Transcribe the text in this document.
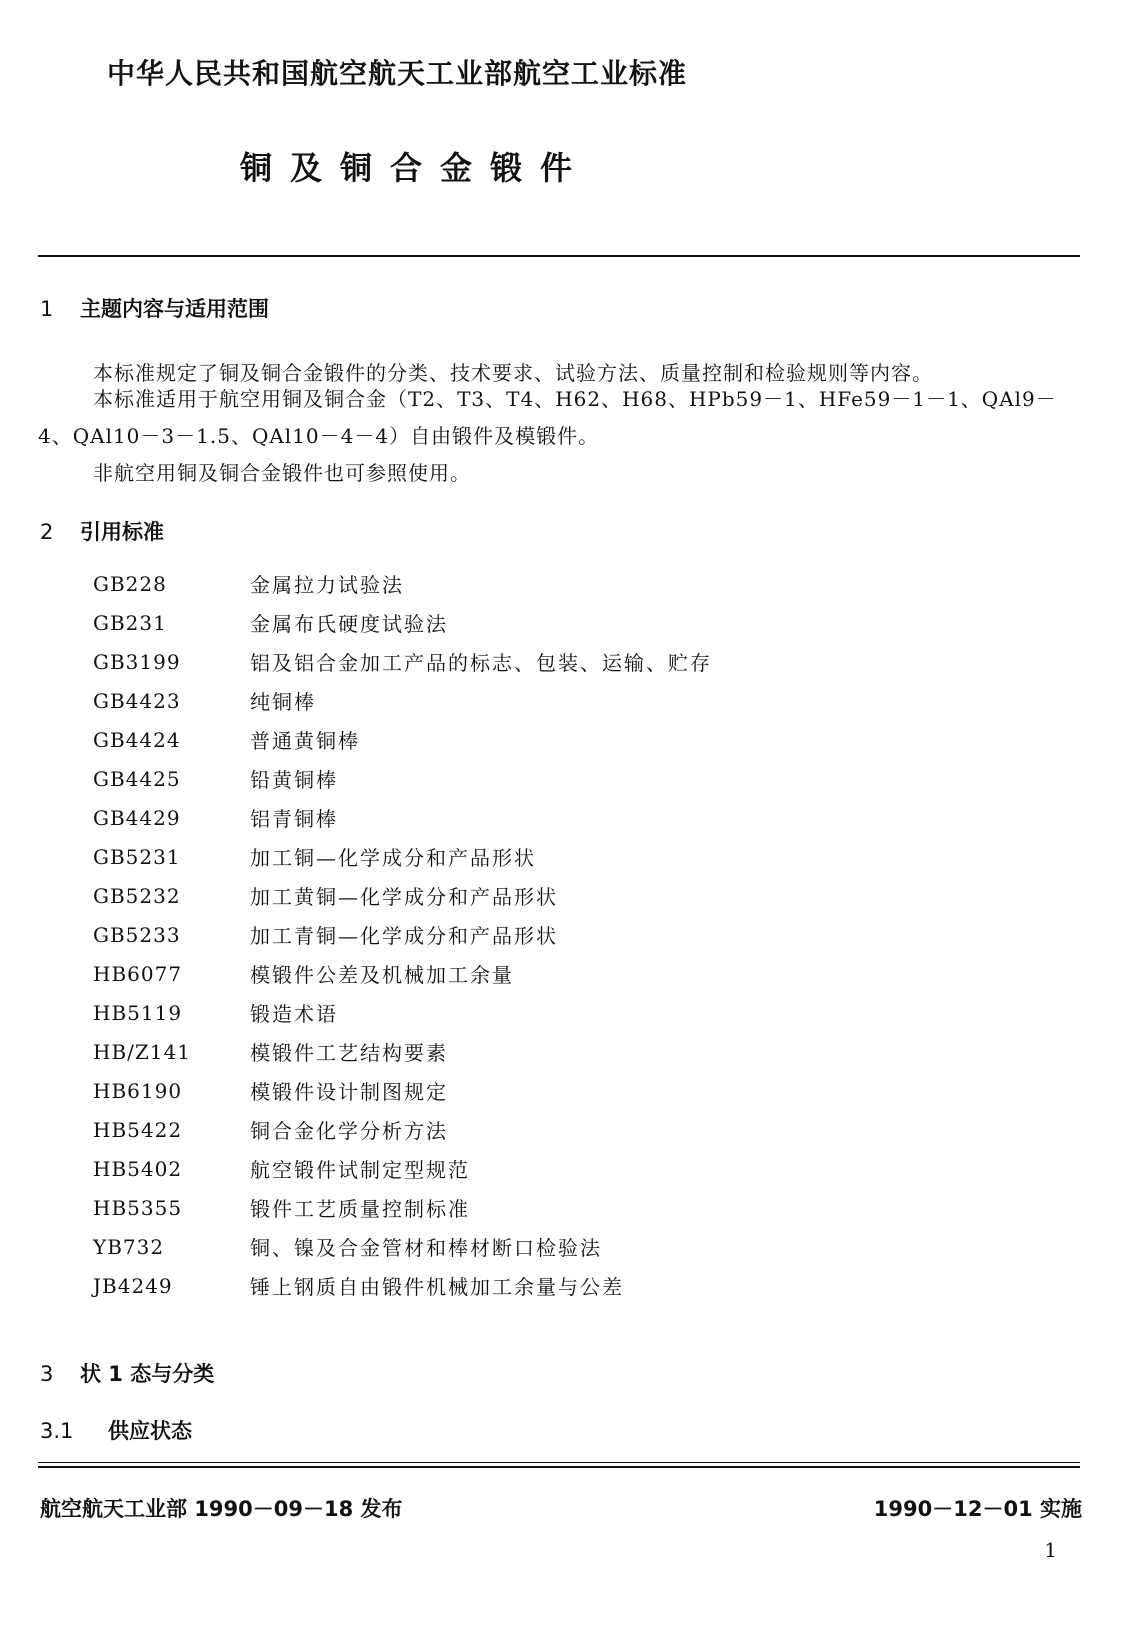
中华人民共和国航空航天工业部航空工业标准
铜及铜合金锻件
1 主题内容与适用范围
本标准规定了铜及铜合金锻件的分类、技术要求、试验方法、质量控制和检验规则等内容。
本标准适用于航空用铜及铜合金（T2、T3、T4、H62、H68、HPb59－1、HFe59－1－1、QAl9－
4、QAl10－3－1.5、QAl10－4－4）自由锻件及模锻件。
非航空用铜及铜合金锻件也可参照使用。
2 引用标准
GB228	金属拉力试验法
GB231	金属布氏硬度试验法
GB3199	铝及铝合金加工产品的标志、包装、运输、贮存
GB4423	纯铜棒
GB4424	普通黄铜棒
GB4425	铅黄铜棒
GB4429	铝青铜棒
GB5231	加工铜—化学成分和产品形状
GB5232	加工黄铜—化学成分和产品形状
GB5233	加工青铜—化学成分和产品形状
HB6077	模锻件公差及机械加工余量
HB5119	锻造术语
HB/Z141	模锻件工艺结构要素
HB6190	模锻件设计制图规定
HB5422	铜合金化学分析方法
HB5402	航空锻件试制定型规范
HB5355	锻件工艺质量控制标准
YB732	铜、镍及合金管材和棒材断口检验法
JB4249	锤上钢质自由锻件机械加工余量与公差
3 状 1 态与分类
3.1 供应状态
航空航天工业部 1990－09－18 发布	1990－12－01 实施
1
